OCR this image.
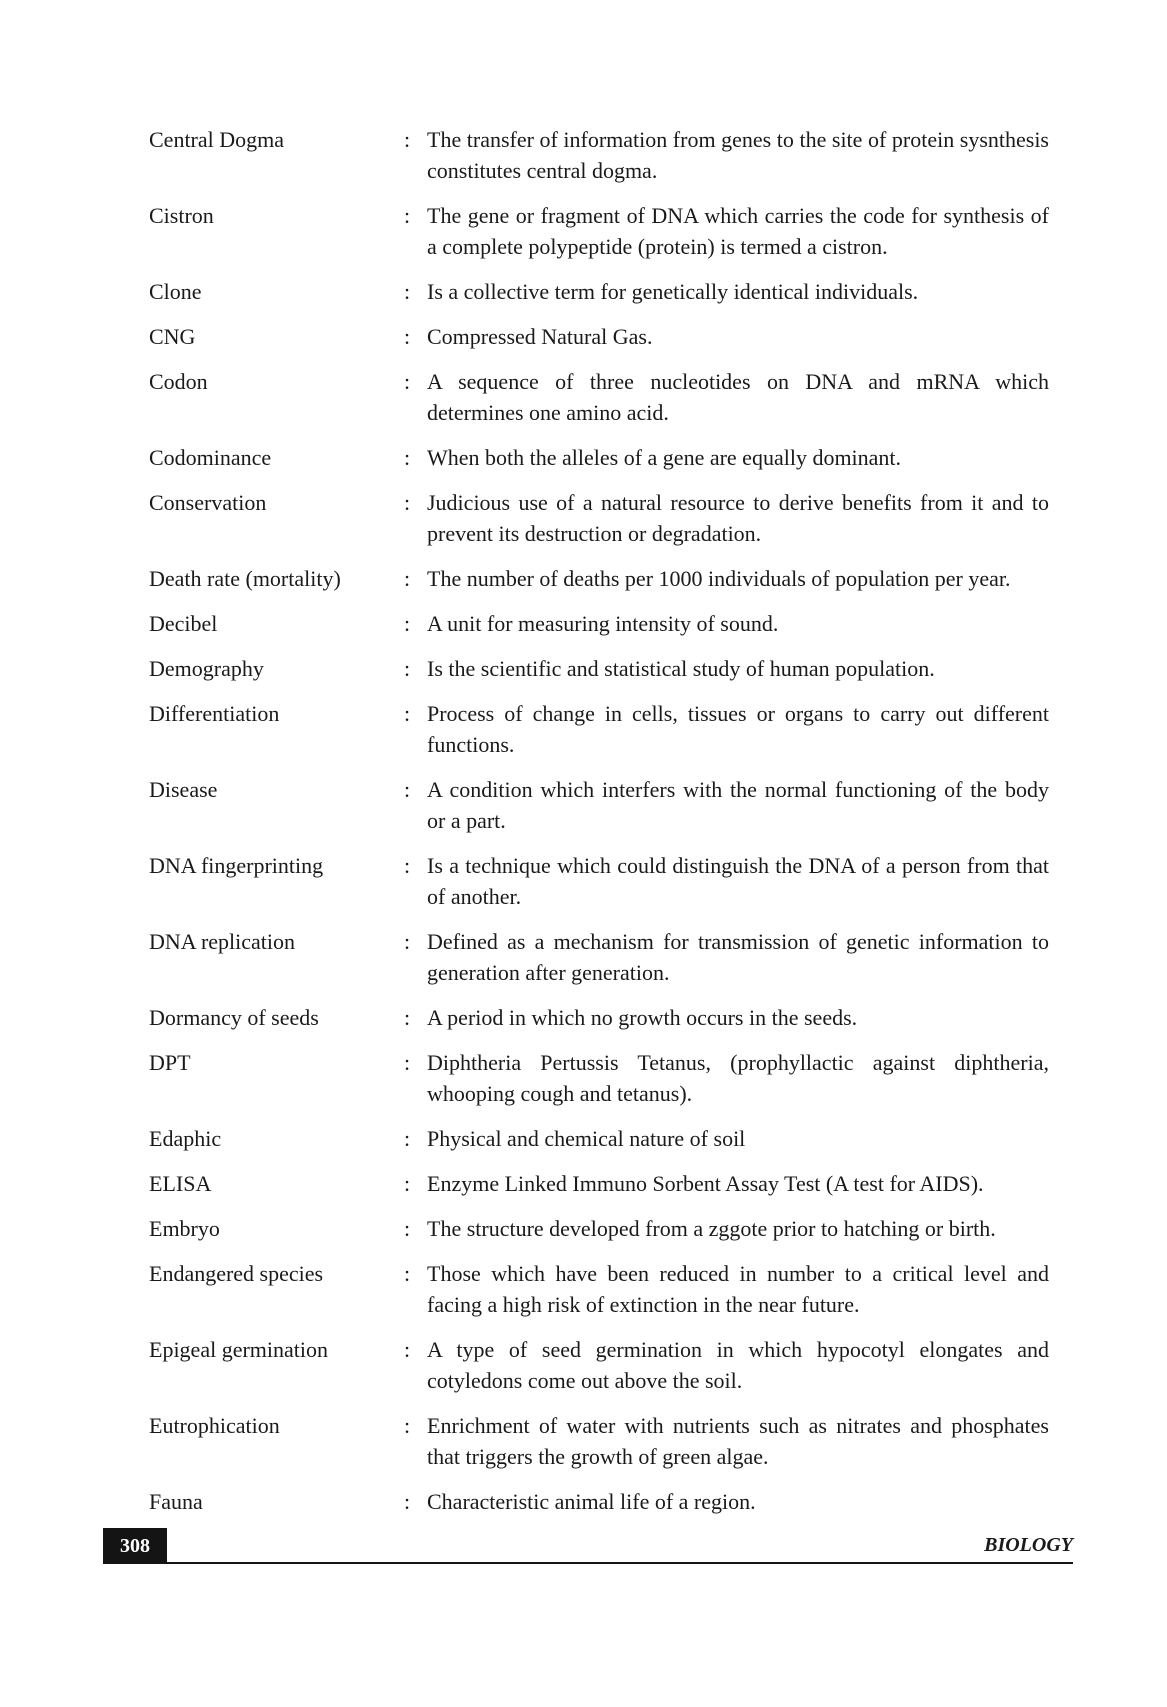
Central Dogma	: The transfer of information from genes to the site of protein sysnthesis constitutes central dogma.
Cistron	: The gene or fragment of DNA which carries the code for synthesis of a complete polypeptide (protein) is termed a cistron.
Clone	: Is a collective term for genetically identical individuals.
CNG	: Compressed Natural Gas.
Codon	: A sequence of three nucleotides on DNA and mRNA which determines one amino acid.
Codominance	: When both the alleles of a gene are equally dominant.
Conservation	: Judicious use of a natural resource to derive benefits from it and to prevent its destruction or degradation.
Death rate (mortality)	: The number of deaths per 1000 individuals of population per year.
Decibel	: A unit for measuring intensity of sound.
Demography	: Is the scientific and statistical study of human population.
Differentiation	: Process of change in cells, tissues or organs to carry out different functions.
Disease	: A condition which interfers with the normal functioning of the body or a part.
DNA fingerprinting	: Is a technique which could distinguish the DNA of a person from that of another.
DNA replication	: Defined as a mechanism for transmission of genetic information to generation after generation.
Dormancy of seeds	: A period in which no growth occurs in the seeds.
DPT	: Diphtheria Pertussis Tetanus, (prophyllactic against diphtheria, whooping cough and tetanus).
Edaphic	: Physical and chemical nature of soil
ELISA	: Enzyme Linked Immuno Sorbent Assay Test (A test for AIDS).
Embryo	: The structure developed from a zggote prior to hatching or birth.
Endangered species	: Those which have been reduced in number to a critical level and facing a high risk of extinction in the near future.
Epigeal germination	: A type of seed germination in which hypocotyl elongates and cotyledons come out above the soil.
Eutrophication	: Enrichment of water with nutrients such as nitrates and phosphates that triggers the growth of green algae.
Fauna	: Characteristic animal life of a region.
308	BIOLOGY
